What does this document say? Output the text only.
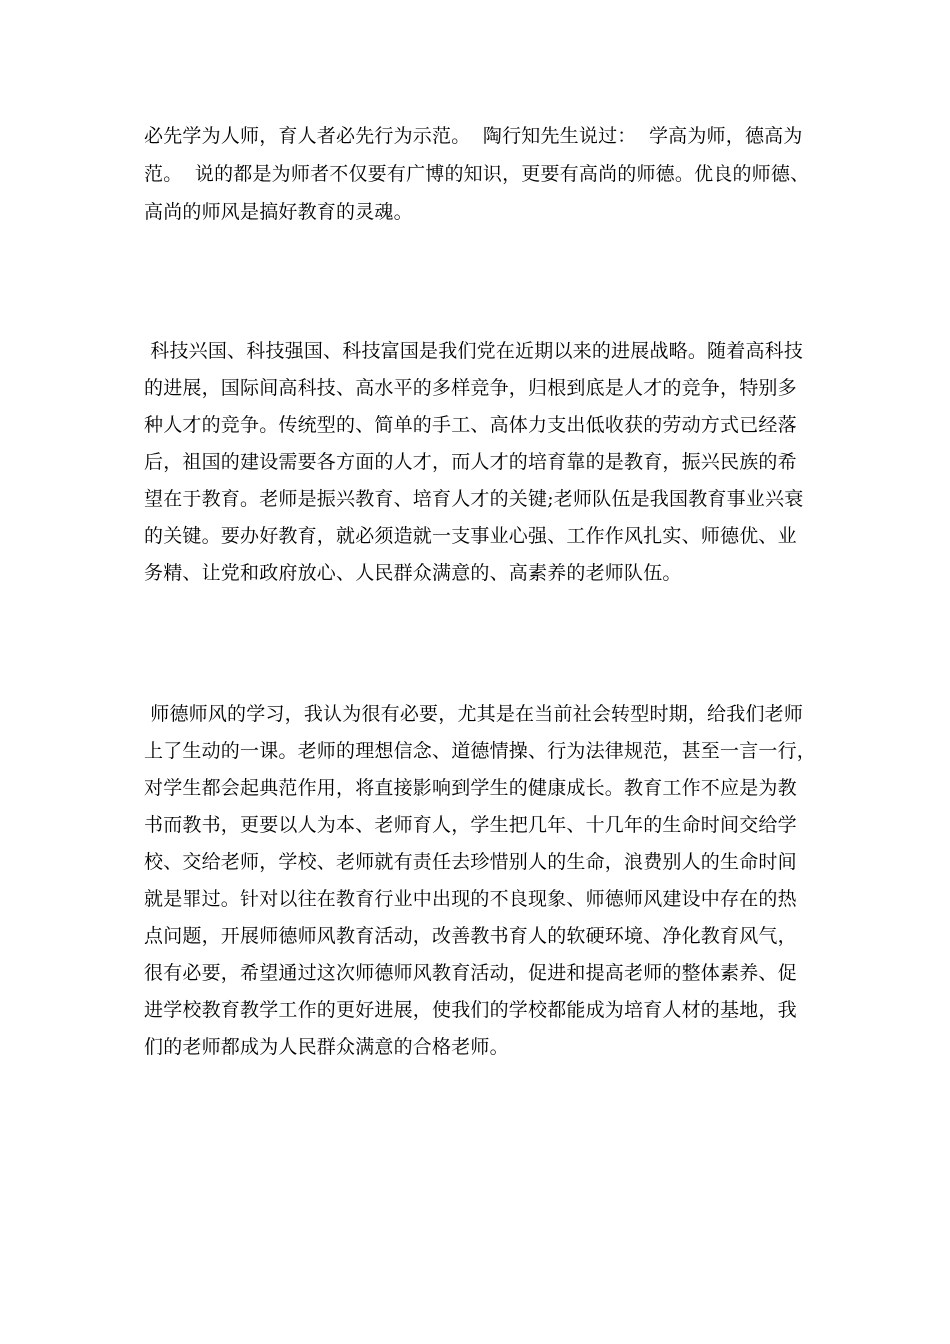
必先学为人师，育人者必先行为示范。  陶行知先生说过：  学高为师，德高为
范。  说的都是为师者不仅要有广博的知识，更要有高尚的师德。优良的师德、
高尚的师风是搞好教育的灵魂。
科技兴国、科技强国、科技富国是我们党在近期以来的进展战略。随着高科技
的进展，国际间高科技、高水平的多样竞争，归根到底是人才的竞争，特别多
种人才的竞争。传统型的、简单的手工、高体力支出低收获的劳动方式已经落
后，祖国的建设需要各方面的人才，而人才的培育靠的是教育，振兴民族的希
望在于教育。老师是振兴教育、培育人才的关键;老师队伍是我国教育事业兴衰
的关键。要办好教育，就必须造就一支事业心强、工作作风扎实、师德优、业
务精、让党和政府放心、人民群众满意的、高素养的老师队伍。
师德师风的学习，我认为很有必要，尤其是在当前社会转型时期，给我们老师
上了生动的一课。老师的理想信念、道德情操、行为法律规范，甚至一言一行，
对学生都会起典范作用，将直接影响到学生的健康成长。教育工作不应是为教
书而教书，更要以人为本、老师育人，学生把几年、十几年的生命时间交给学
校、交给老师，学校、老师就有责任去珍惜别人的生命，浪费别人的生命时间
就是罪过。针对以往在教育行业中出现的不良现象、师德师风建设中存在的热
点问题，开展师德师风教育活动，改善教书育人的软硬环境、净化教育风气，
很有必要，希望通过这次师德师风教育活动，促进和提高老师的整体素养、促
进学校教育教学工作的更好进展，使我们的学校都能成为培育人材的基地，我
们的老师都成为人民群众满意的合格老师。
